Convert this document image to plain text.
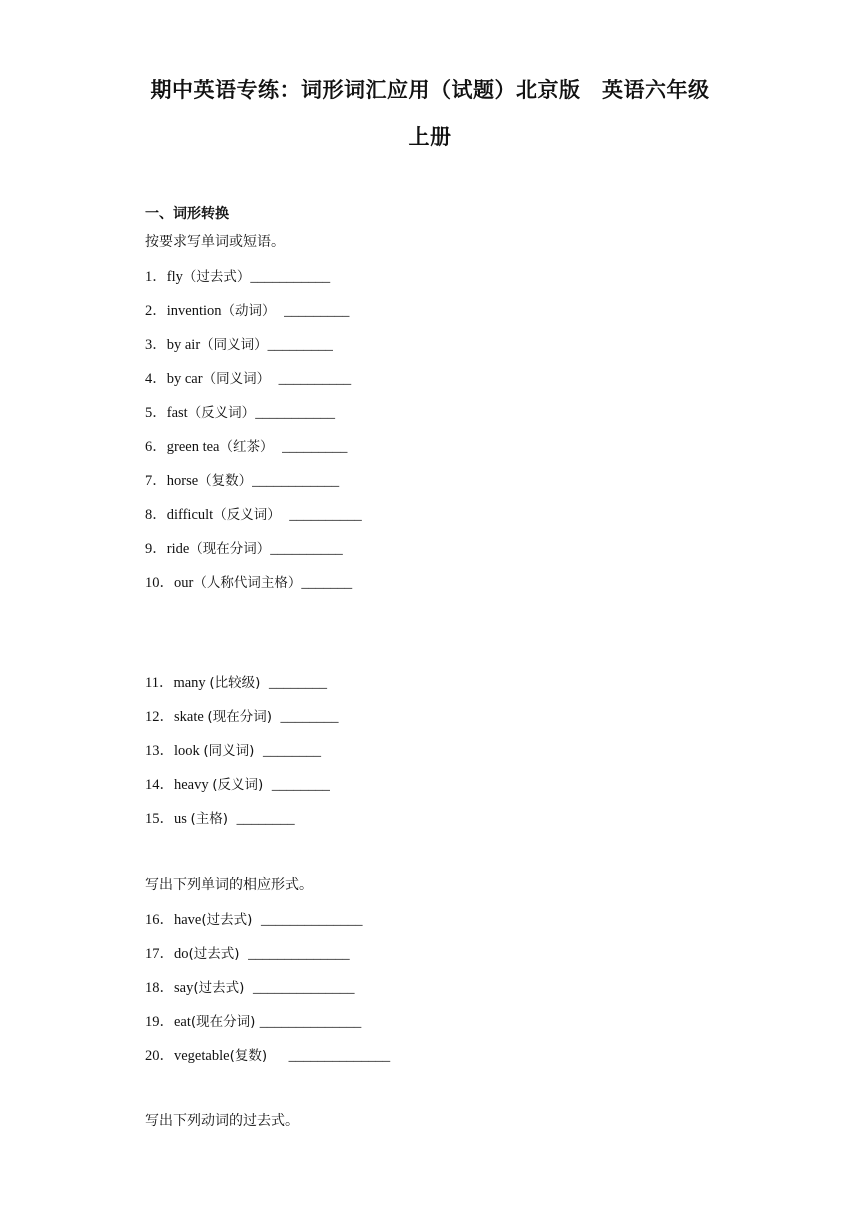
期中英语专练：词形词汇应用（试题）北京版　英语六年级
上册
一、词形转换
按要求写单词或短语。
1．fly（过去式）___________
2．invention（动词）  _________
3．by air（同义词）_________
4．by car（同义词）  __________
5．fast（反义词）___________
6．green tea（红茶）  _________
7．horse（复数）____________
8．difficult（反义词）  __________
9．ride（现在分词）__________
10．our（人称代词主格）_______
11．many (比较级)  ________
12．skate (现在分词)  ________
13．look (同义词)  ________
14．heavy (反义词)  ________
15．us (主格)  ________
16．have(过去式)  ______________
17．do(过去式)  ______________
18．say(过去式)  ______________
19．eat(现在分词) ______________
20．vegetable(复数)     ______________
写出下列单词的相应形式。
写出下列动词的过去式。
